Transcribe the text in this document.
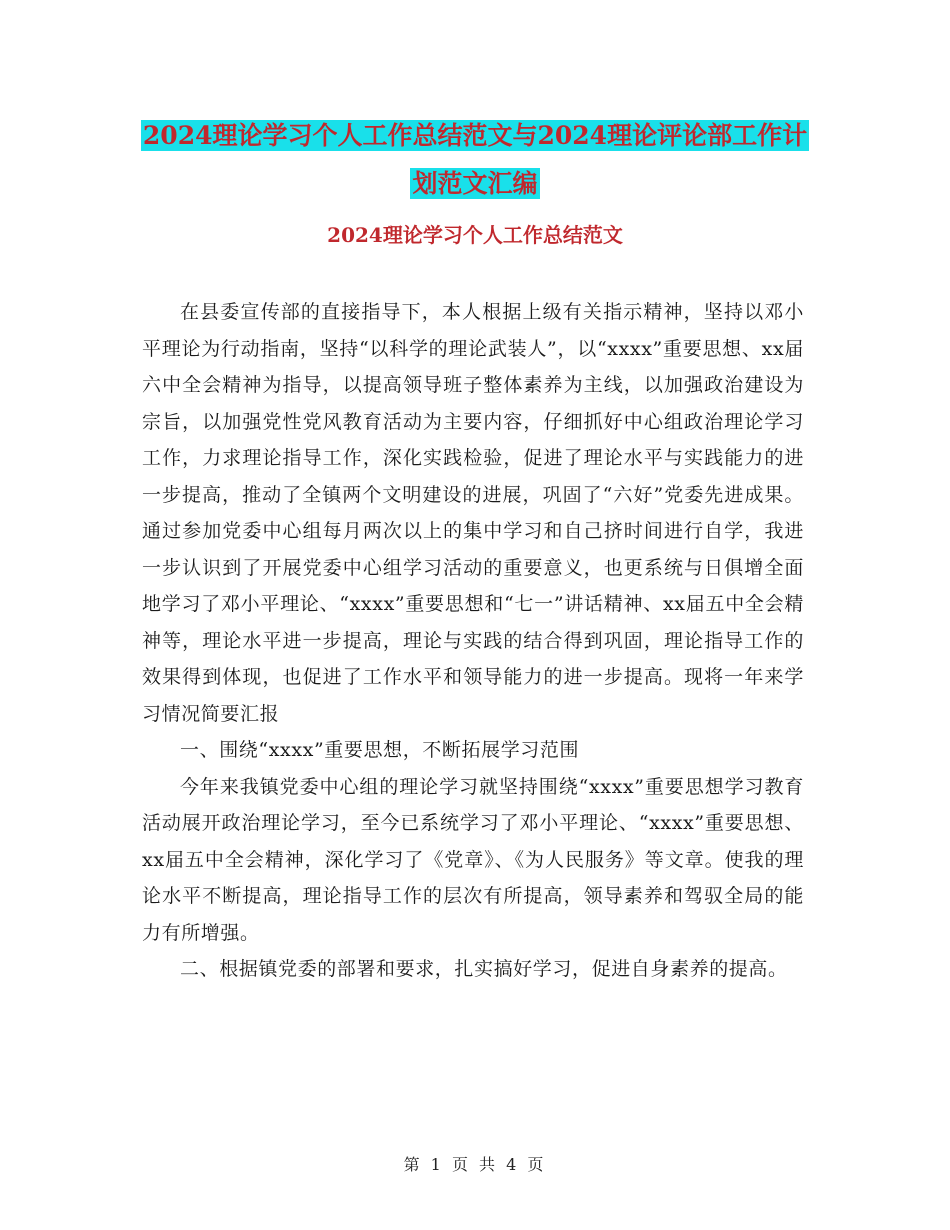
2024理论学习个人工作总结范文与2024理论评论部工作计划范文汇编
2024理论学习个人工作总结范文

在县委宣传部的直接指导下，本人根据上级有关指示精神，坚持以邓小平理论为行动指南，坚持“以科学的理论武装人”，以“xxxx”重要思想、xx届六中全会精神为指导，以提高领导班子整体素养为主线，以加强政治建设为宗旨，以加强党性党风教育活动为主要内容，仔细抓好中心组政治理论学习工作，力求理论指导工作，深化实践检验，促进了理论水平与实践能力的进一步提高，推动了全镇两个文明建设的进展，巩固了“六好”党委先进成果。通过参加党委中心组每月两次以上的集中学习和自己挤时间进行自学，我进一步认识到了开展党委中心组学习活动的重要意义，也更系统与日俱增全面地学习了邓小平理论、“xxxx”重要思想和“七一”讲话精神、xx届五中全会精神等，理论水平进一步提高，理论与实践的结合得到巩固，理论指导工作的效果得到体现，也促进了工作水平和领导能力的进一步提高。现将一年来学习情况简要汇报

一、围绕“xxxx”重要思想，不断拓展学习范围

今年来我镇党委中心组的理论学习就坚持围绕“xxxx”重要思想学习教育活动展开政治理论学习，至今已系统学习了邓小平理论、“xxxx”重要思想、xx届五中全会精神，深化学习了《党章》、《为人民服务》等文章。使我的理论水平不断提高，理论指导工作的层次有所提高，领导素养和驾驭全局的能力有所增强。

二、根据镇党委的部署和要求，扎实搞好学习，促进自身素养的提高。

第 1 页 共 4 页
